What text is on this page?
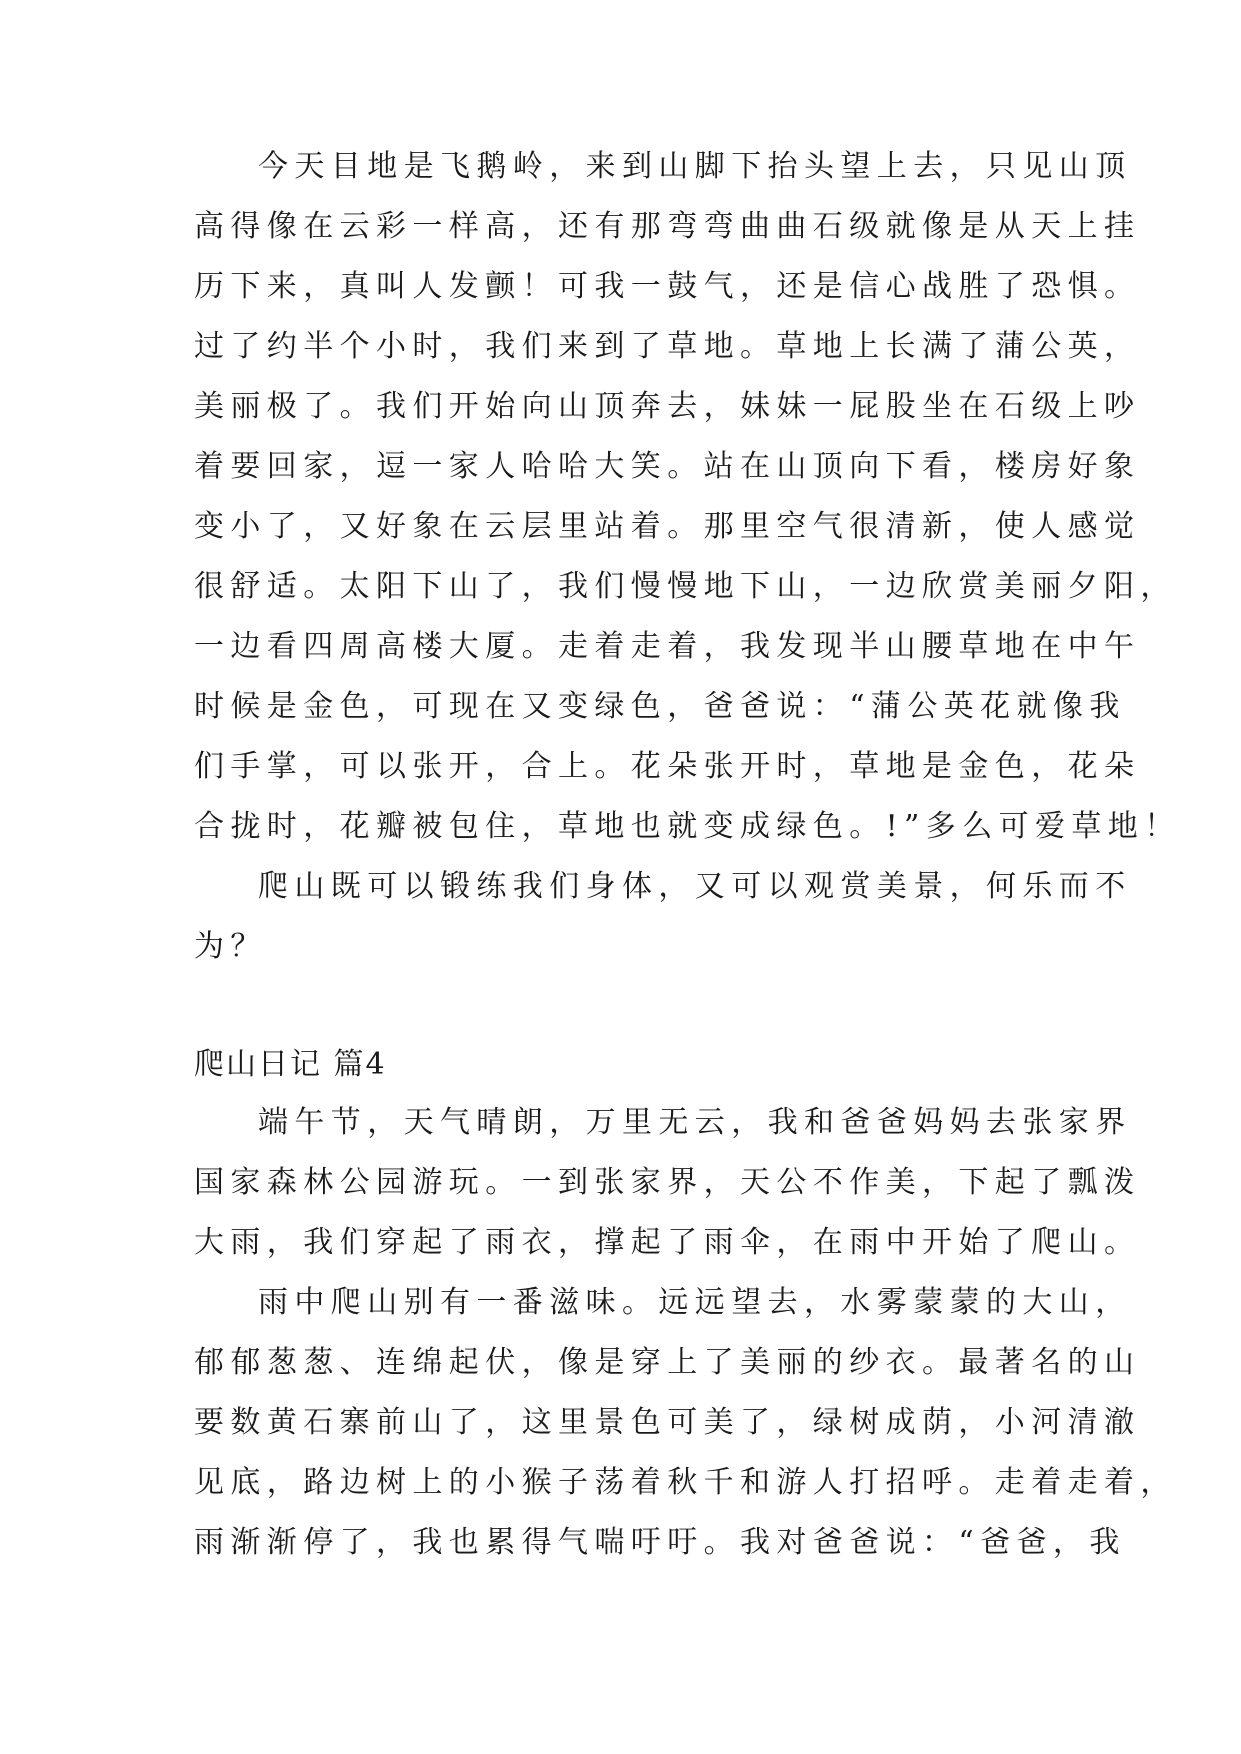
今天目地是飞鹅岭，来到山脚下抬头望上去，只见山顶
高得像在云彩一样高，还有那弯弯曲曲石级就像是从天上挂
历下来，真叫人发颤！可我一鼓气，还是信心战胜了恐惧。
过了约半个小时，我们来到了草地。草地上长满了蒲公英，
美丽极了。我们开始向山顶奔去，妹妹一屁股坐在石级上吵
着要回家，逗一家人哈哈大笑。站在山顶向下看，楼房好象
变小了，又好象在云层里站着。那里空气很清新，使人感觉
很舒适。太阳下山了，我们慢慢地下山，一边欣赏美丽夕阳，
一边看四周高楼大厦。走着走着，我发现半山腰草地在中午
时候是金色，可现在又变绿色，爸爸说：“蒲公英花就像我
们手掌，可以张开，合上。花朵张开时，草地是金色，花朵
合拢时，花瓣被包住，草地也就变成绿色。!”多么可爱草地！
爬山既可以锻练我们身体，又可以观赏美景，何乐而不
为？
爬山日记 篇4
端午节，天气晴朗，万里无云，我和爸爸妈妈去张家界
国家森林公园游玩。一到张家界，天公不作美，下起了瓢泼
大雨，我们穿起了雨衣，撑起了雨伞，在雨中开始了爬山。
雨中爬山别有一番滋味。远远望去，水雾蒙蒙的大山，
郁郁葱葱、连绵起伏，像是穿上了美丽的纱衣。最著名的山
要数黄石寨前山了，这里景色可美了，绿树成荫，小河清澈
见底，路边树上的小猴子荡着秋千和游人打招呼。走着走着，
雨渐渐停了，我也累得气喘吁吁。我对爸爸说：“爸爸，我
